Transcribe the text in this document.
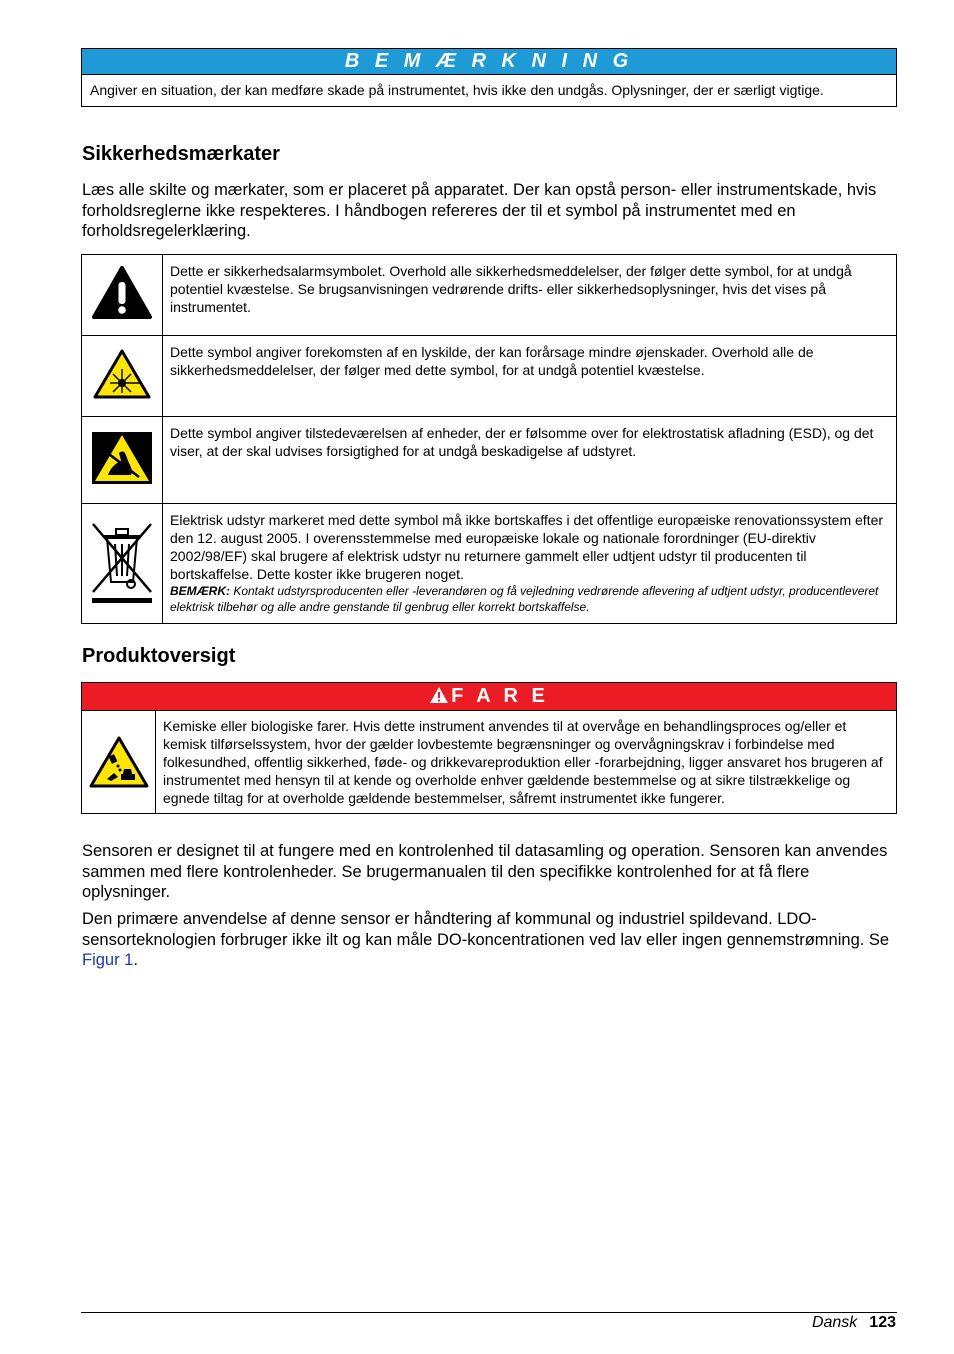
B E M Æ R K N I N G
Angiver en situation, der kan medføre skade på instrumentet, hvis ikke den undgås. Oplysninger, der er særligt vigtige.
Sikkerhedsmærkater

Læs alle skilte og mærkater, som er placeret på apparatet. Der kan opstå person- eller instrumentskade, hvis forholdsreglerne ikke respekteres. I håndbogen refereres der til et symbol på instrumentet med en forholdsregelerklæring.

	Dette er sikkerhedsalarmsymbolet. Overhold alle sikkerhedsmeddelelser, der følger dette symbol, for at undgå potentiel kvæstelse. Se brugsanvisningen vedrørende drifts- eller sikkerhedsoplysninger, hvis det vises på instrumentet.
	Dette symbol angiver forekomsten af en lyskilde, der kan forårsage mindre øjenskader. Overhold alle de sikkerhedsmeddelelser, der følger med dette symbol, for at undgå potentiel kvæstelse.
	Dette symbol angiver tilstedeværelsen af enheder, der er følsomme over for elektrostatisk afladning (ESD), og det viser, at der skal udvises forsigtighed for at undgå beskadigelse af udstyret.
	Elektrisk udstyr markeret med dette symbol må ikke bortskaffes i det offentlige europæiske renovationssystem efter den 12. august 2005. I overensstemmelse med europæiske lokale og nationale forordninger (EU-direktiv 2002/98/EF) skal brugere af elektrisk udstyr nu returnere gammelt eller udtjent udstyr til producenten til bortskaffelse. Dette koster ikke brugeren noget.
BEMÆRK: Kontakt udstyrsproducenten eller -leverandøren og få vejledning vedrørende aflevering af udtjent udstyr, producentleveret elektrisk tilbehør og alle andre genstande til genbrug eller korrekt bortskaffelse.
Produktoversigt
F A R E
Kemiske eller biologiske farer. Hvis dette instrument anvendes til at overvåge en behandlingsproces og/eller et kemisk tilførselssystem, hvor der gælder lovbestemte begrænsninger og overvågningskrav i forbindelse med folkesundhed, offentlig sikkerhed, føde- og drikkevareproduktion eller -forarbejdning, ligger ansvaret hos brugeren af instrumentet med hensyn til at kende og overholde enhver gældende bestemmelse og at sikre tilstrækkelige og egnede tiltag for at overholde gældende bestemmelser, såfremt instrumentet ikke fungerer.

Sensoren er designet til at fungere med en kontrolenhed til datasamling og operation. Sensoren kan anvendes sammen med flere kontrolenheder. Se brugermanualen til den specifikke kontrolenhed for at få flere oplysninger.

Den primære anvendelse af denne sensor er håndtering af kommunal og industriel spildevand. LDO-sensorteknologien forbruger ikke ilt og kan måle DO-koncentrationen ved lav eller ingen gennemstrømning. Se Figur 1.

Dansk 123
